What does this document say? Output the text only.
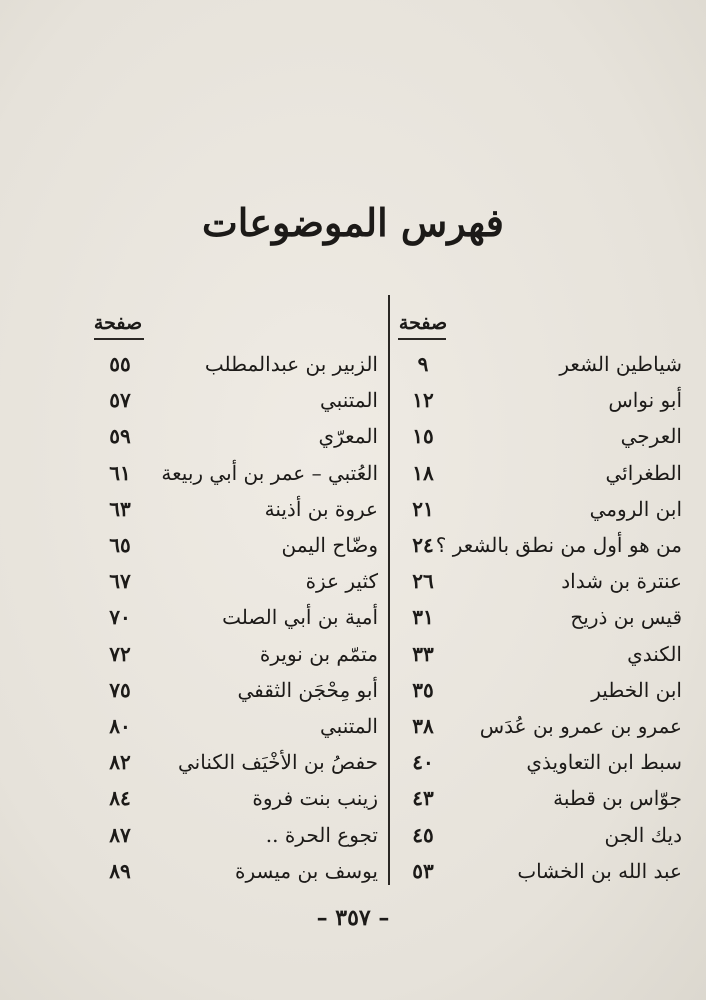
فهرس الموضوعات
صفحة
صفحة
شياطين الشعر
٩
أبو نواس
١٢
العرجي
١٥
الطغرائي
١٨
ابن الرومي
٢١
من هو أول من نطق بالشعر ؟
٢٤
عنترة بن شداد
٢٦
قيس بن ذريح
٣١
الكندي
٣٣
ابن الخطير
٣٥
عمرو بن عمرو بن عُدَس
٣٨
سبط ابن التعاويذي
٤٠
جوّاس بن قطبة
٤٣
ديك الجن
٤٥
عبد الله بن الخشاب
٥٣
الزبير بن عبدالمطلب
٥٥
المتنبي
٥٧
المعرّي
٥٩
العُتبي – عمر بن أبي ربيعة
٦١
عروة بن أذينة
٦٣
وضّاح اليمن
٦٥
كثير عزة
٦٧
أمية بن أبي الصلت
٧٠
متمّم بن نويرة
٧٢
أبو مِحْجَن الثقفي
٧٥
المتنبي
٨٠
حفصُ بن الأخْيَف الكناني
٨٢
زينب بنت فروة
٨٤
تجوع الحرة ..
٨٧
يوسف بن ميسرة
٨٩
– ٣٥٧ –
